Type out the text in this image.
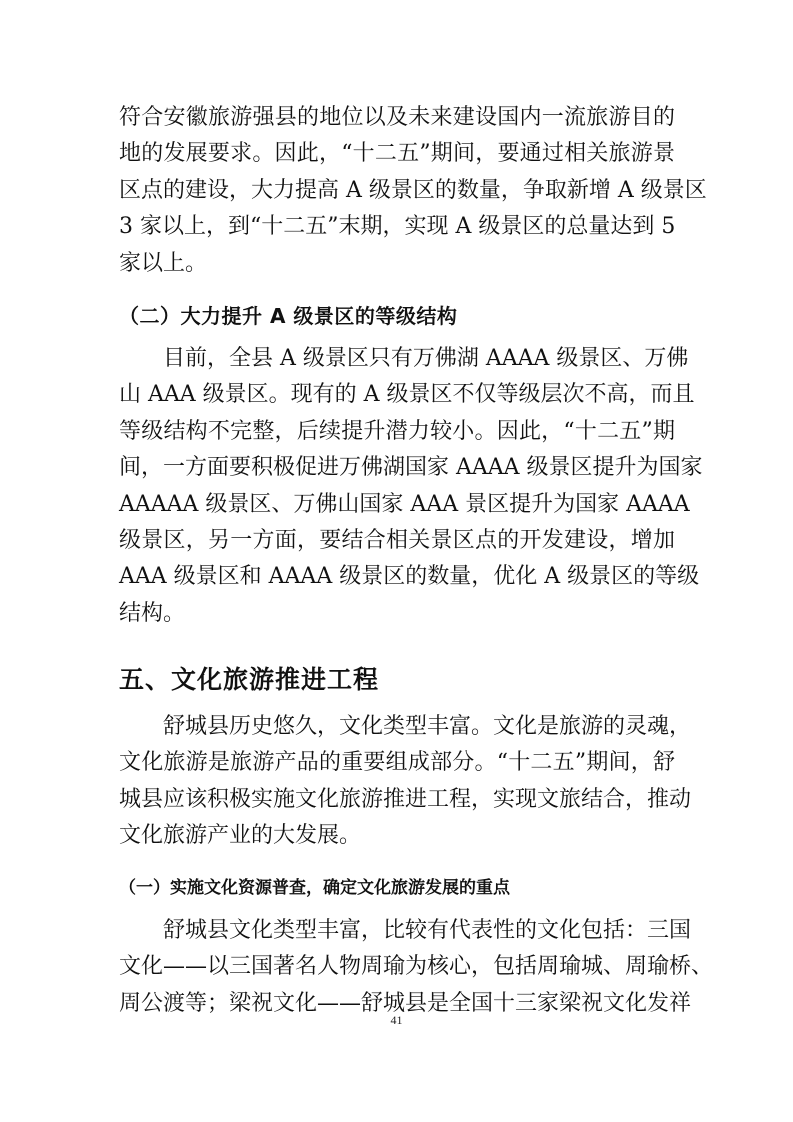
符合安徽旅游强县的地位以及未来建设国内一流旅游目的
地的发展要求。因此，“十二五”期间，要通过相关旅游景
区点的建设，大力提高 A 级景区的数量，争取新增 A 级景区
3 家以上，到“十二五”末期，实现 A 级景区的总量达到 5
家以上。
（二）大力提升 A 级景区的等级结构
目前，全县 A 级景区只有万佛湖 AAAA 级景区、万佛
山 AAA 级景区。现有的 A 级景区不仅等级层次不高，而且
等级结构不完整，后续提升潜力较小。因此，“十二五”期
间，一方面要积极促进万佛湖国家 AAAA 级景区提升为国家
AAAAA 级景区、万佛山国家 AAA 景区提升为国家 AAAA
级景区，另一方面，要结合相关景区点的开发建设，增加
AAA 级景区和 AAAA 级景区的数量，优化 A 级景区的等级
结构。
五、文化旅游推进工程
舒城县历史悠久，文化类型丰富。文化是旅游的灵魂，
文化旅游是旅游产品的重要组成部分。“十二五”期间，舒
城县应该积极实施文化旅游推进工程，实现文旅结合，推动
文化旅游产业的大发展。
（一）实施文化资源普查，确定文化旅游发展的重点
舒城县文化类型丰富，比较有代表性的文化包括：三国
文化——以三国著名人物周瑜为核心，包括周瑜城、周瑜桥、
周公渡等；梁祝文化——舒城县是全国十三家梁祝文化发祥
41
